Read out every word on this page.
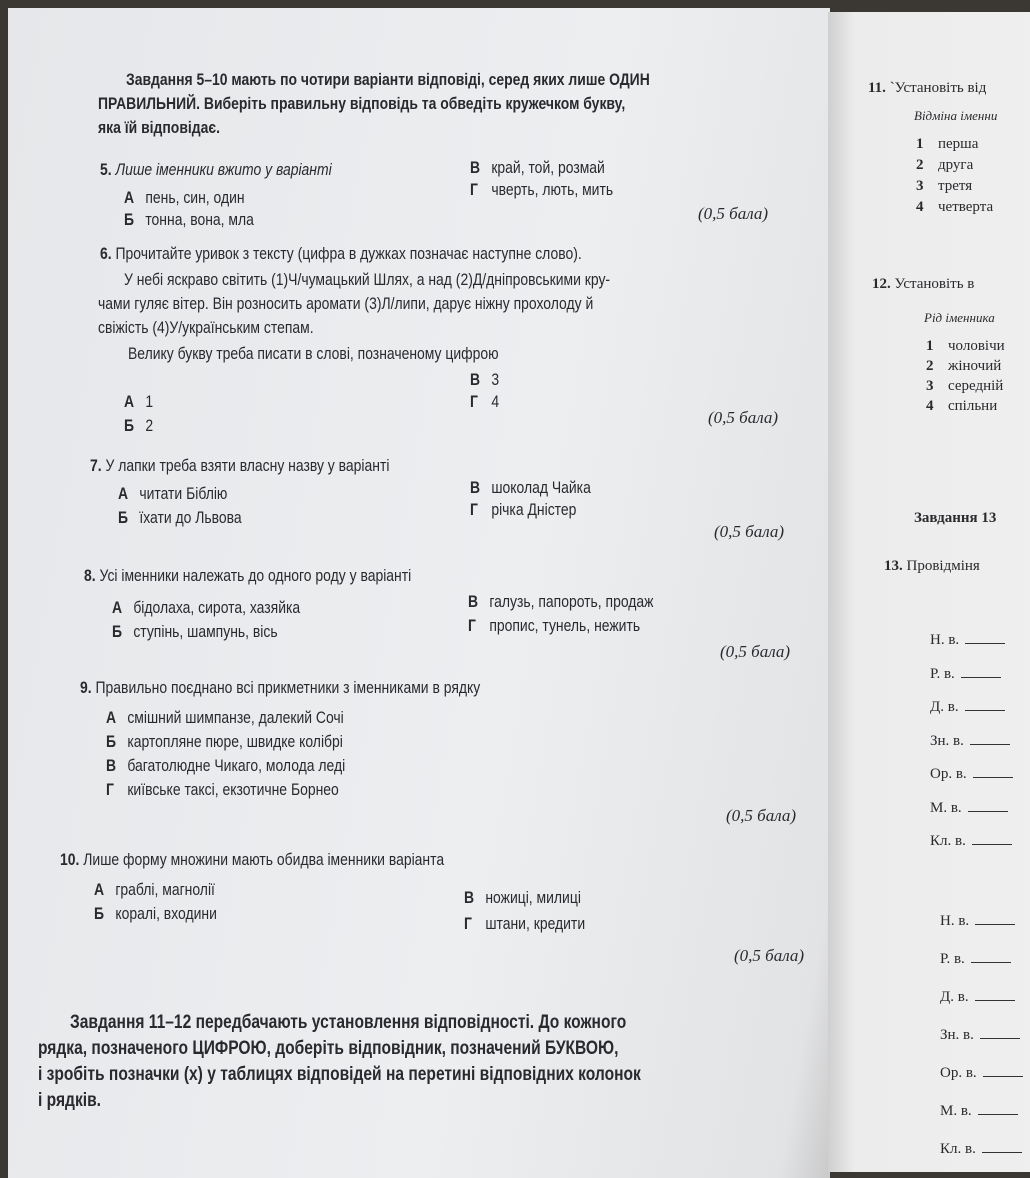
Завдання 5–10 мають по чотири варіанти відповіді, серед яких лише ОДИН
ПРАВИЛЬНИЙ. Виберіть правильну відповідь та обведіть кружечком букву,
яка їй відповідає.
5. Лише іменники вжито у варіанті
А пень, син, один
Б тонна, вона, мла
В край, той, розмай
Г чверть, лють, мить
(0,5 бала)
6. Прочитайте уривок з тексту (цифра в дужках позначає наступне слово).
У небі яскраво світить (1)Ч/чумацький Шлях, а над (2)Д/дніпровськими кру-
чами гуляє вітер. Він розносить аромати (3)Л/липи, дарує ніжну прохолоду й
свіжість (4)У/українським степам.
Велику букву треба писати в слові, позначеному цифрою
А 1
Б 2
В 3
Г 4
(0,5 бала)
7. У лапки треба взяти власну назву у варіанті
А читати Біблію
Б їхати до Львова
В шоколад Чайка
Г річка Дністер
(0,5 бала)
8. Усі іменники належать до одного роду у варіанті
А бідолаха, сирота, хазяйка
Б ступінь, шампунь, вісь
В галузь, папороть, продаж
Г пропис, тунель, нежить
(0,5 бала)
9. Правильно поєднано всі прикметники з іменниками в рядку
А смішний шимпанзе, далекий Сочі
Б картопляне пюре, швидке колібрі
В багатолюдне Чикаго, молода леді
Г київське таксі, екзотичне Борнео
(0,5 бала)
10. Лише форму множини мають обидва іменники варіанта
А граблі, магнолії
Б коралі, входини
В ножиці, милиці
Г штани, кредити
(0,5 бала)
Завдання 11–12 передбачають установлення відповідності. До кожного
рядка, позначеного ЦИФРОЮ, доберіть відповідник, позначений БУКВОЮ,
і зробіть позначки (х) у таблицях відповідей на перетині відповідних колонок
і рядків.
11. `Установіть від
Відміна іменни
1 перша
2 друга
3 третя
4 четверта
12. Установіть в
Рід іменника
1 чоловічи
2 жіночий
3 середній
4 спільни
Завдання 13
13. Провідміня
Н. в.
Р. в.
Д. в.
Зн. в.
Ор. в.
М. в.
Кл. в.
Н. в.
Р. в.
Д. в.
Зн. в.
Ор. в.
М. в.
Кл. в.
